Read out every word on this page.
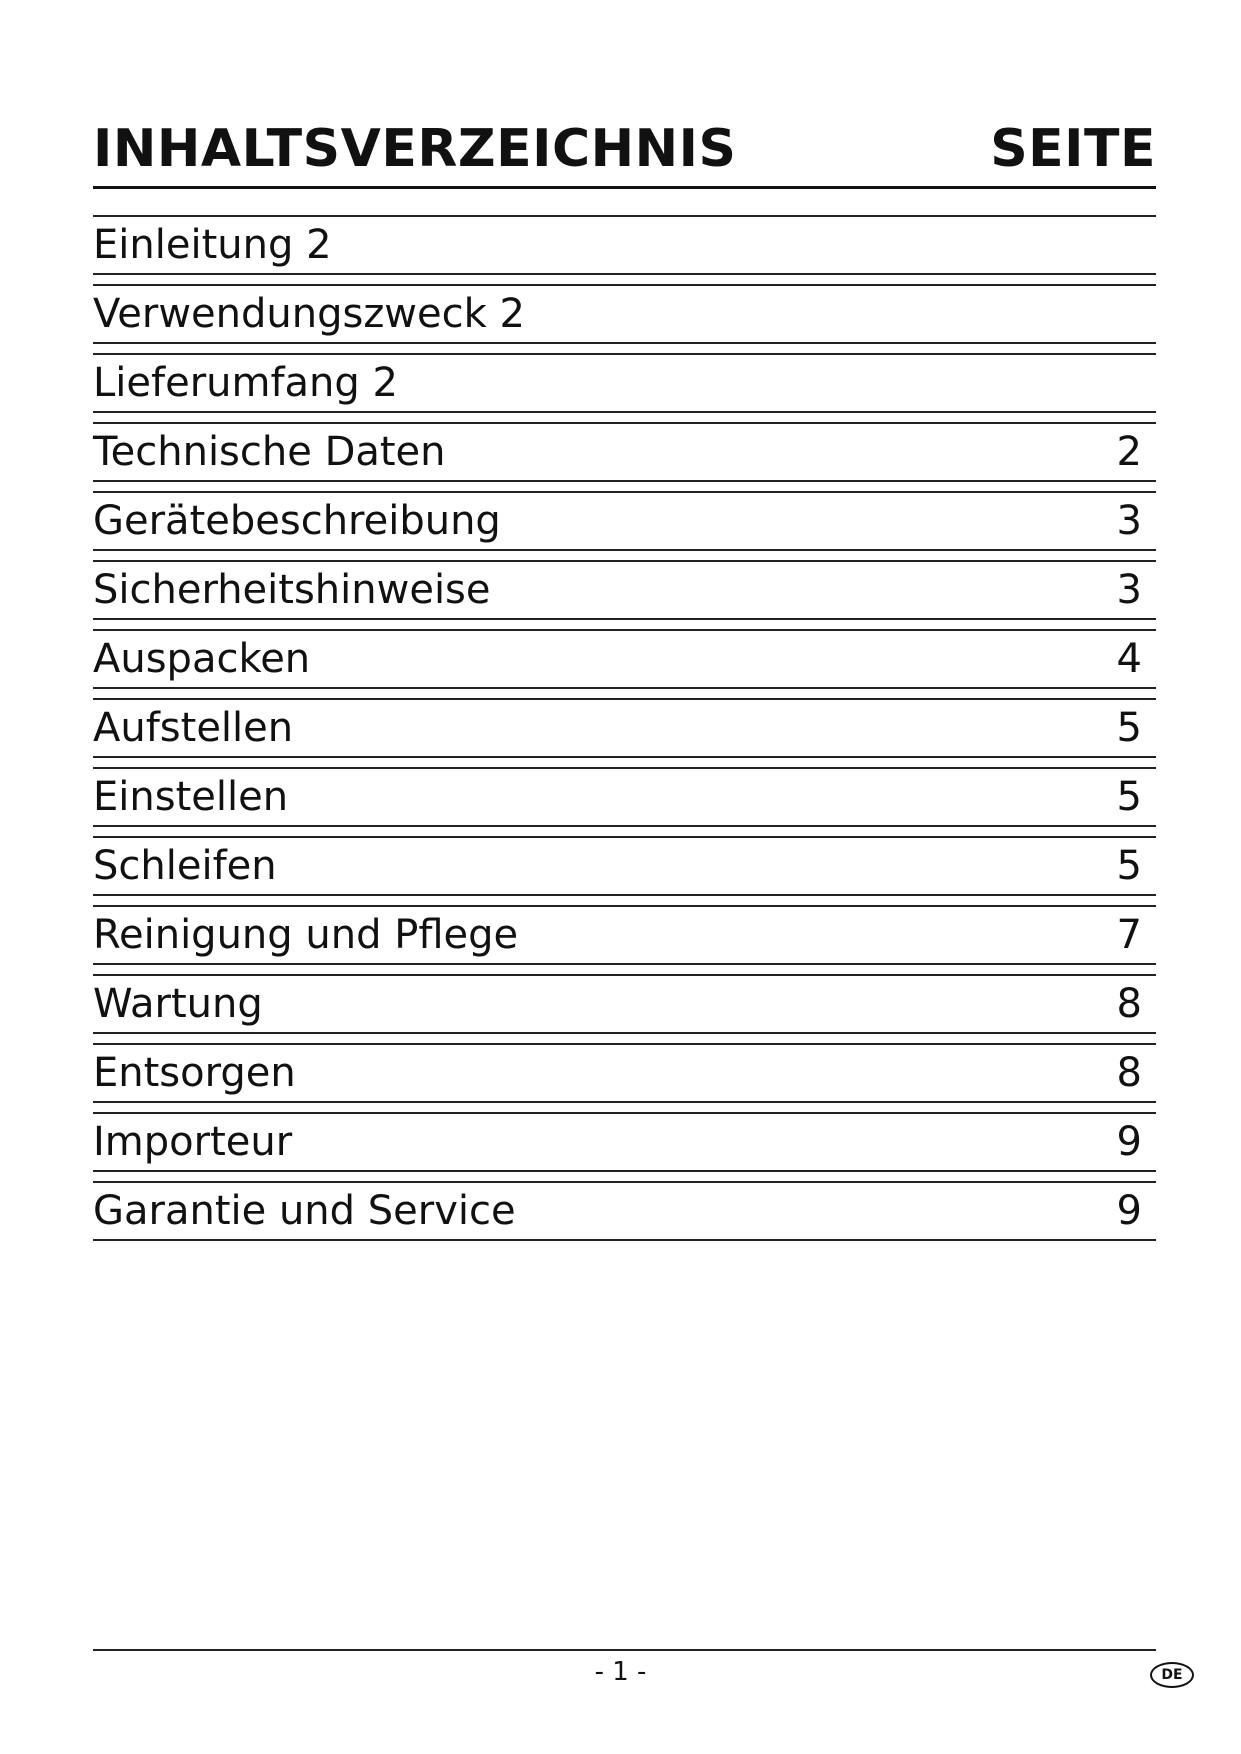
INHALTSVERZEICHNIS	SEITE
Einleitung 2
Verwendungszweck 2
Lieferumfang 2
Technische Daten	2
Gerätebeschreibung	3
Sicherheitshinweise	3
Auspacken	4
Aufstellen	5
Einstellen	5
Schleifen	5
Reinigung und Pflege	7
Wartung	8
Entsorgen	8
Importeur	9
Garantie und Service	9
- 1 -	DE
